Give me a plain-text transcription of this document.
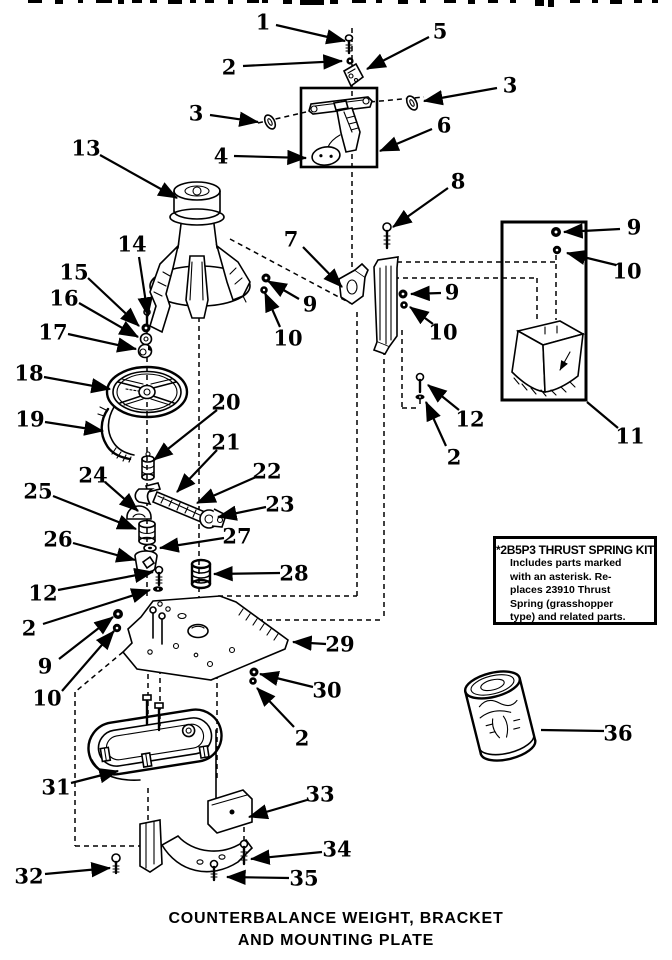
1	5
2
3
3	6
4
13
8
9
10
7
14
15
16
17
9
10
9
10
18
19
20
21
22
23
24
25
26	27
28
12
2
9
10
29
30
2
12
2
11
31	33
32
34
35
36
*2B5P3 THRUST SPRING KIT
Includes parts marked
with an asterisk. Re-
places 23910 Thrust
Spring (grasshopper
type) and related parts.
COUNTERBALANCE WEIGHT, BRACKET
AND MOUNTING PLATE
